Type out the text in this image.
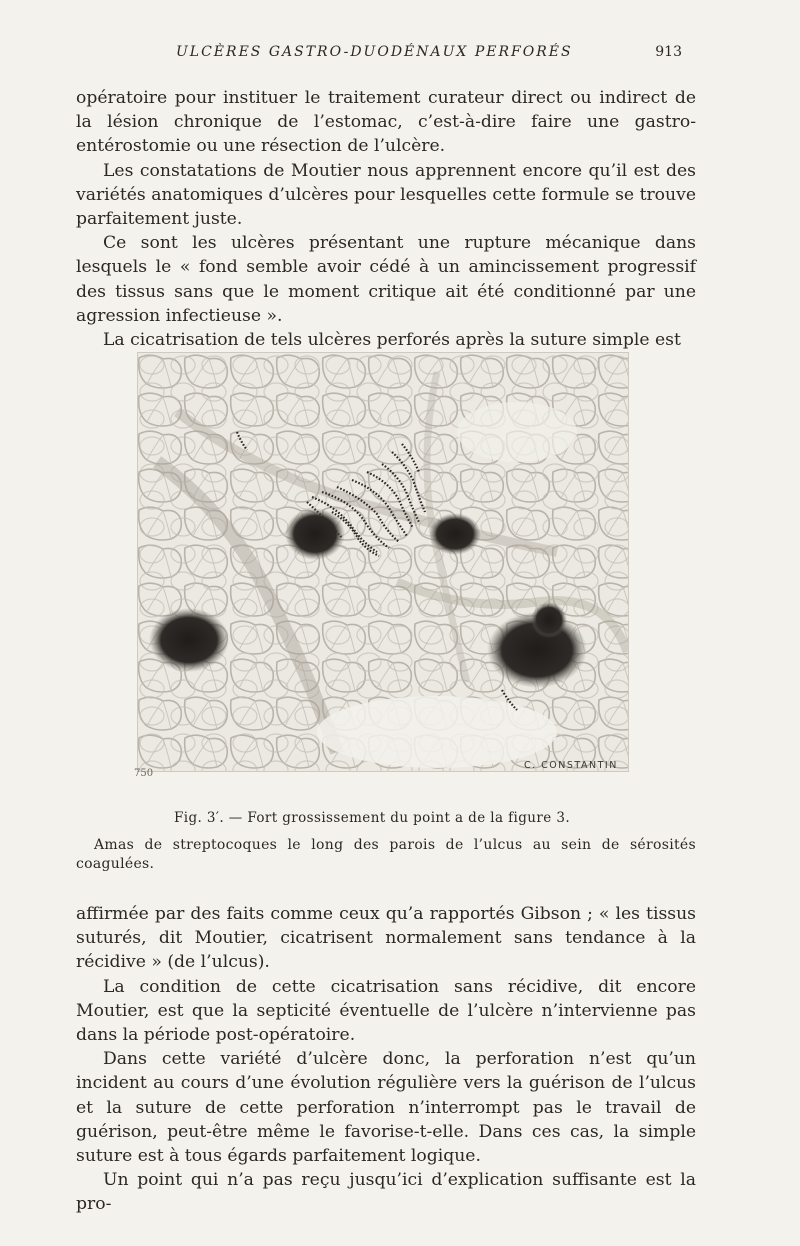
ULCÈRES GASTRO-DUODÉNAUX PERFORÉS	913

opératoire pour instituer le traitement curateur direct ou indirect de la lésion chronique de l’estomac, c’est-à-dire faire une gastro-entérostomie ou une résection de l’ulcère.

Les constatations de Moutier nous apprennent encore qu’il est des variétés anatomiques d’ulcères pour lesquelles cette formule se trouve parfaitement juste.

Ce sont les ulcères présentant une rupture mécanique dans lesquels le « fond semble avoir cédé à un amincissement progressif des tissus sans que le moment critique ait été conditionné par une agression infectieuse ».

La cicatrisation de tels ulcères perforés après la suture simple est

750
C. CONSTANTIN
Fig. 3′. — Fort grossissement du point a de la figure 3.
Amas de streptocoques le long des parois de l’ulcus au sein de sérosités coagulées.

affirmée par des faits comme ceux qu’a rapportés Gibson ; « les tissus suturés, dit Moutier, cicatrisent normalement sans tendance à la récidive » (de l’ulcus).

La condition de cette cicatrisation sans récidive, dit encore Moutier, est que la septicité éventuelle de l’ulcère n’intervienne pas dans la période post-opératoire.

Dans cette variété d’ulcère donc, la perforation n’est qu’un incident au cours d’une évolution régulière vers la guérison de l’ulcus et la suture de cette perforation n’interrompt pas le travail de guérison, peut-être même le favorise-t-elle. Dans ces cas, la simple suture est à tous égards parfaitement logique.

Un point qui n’a pas reçu jusqu’ici d’explication suffisante est la pro-
